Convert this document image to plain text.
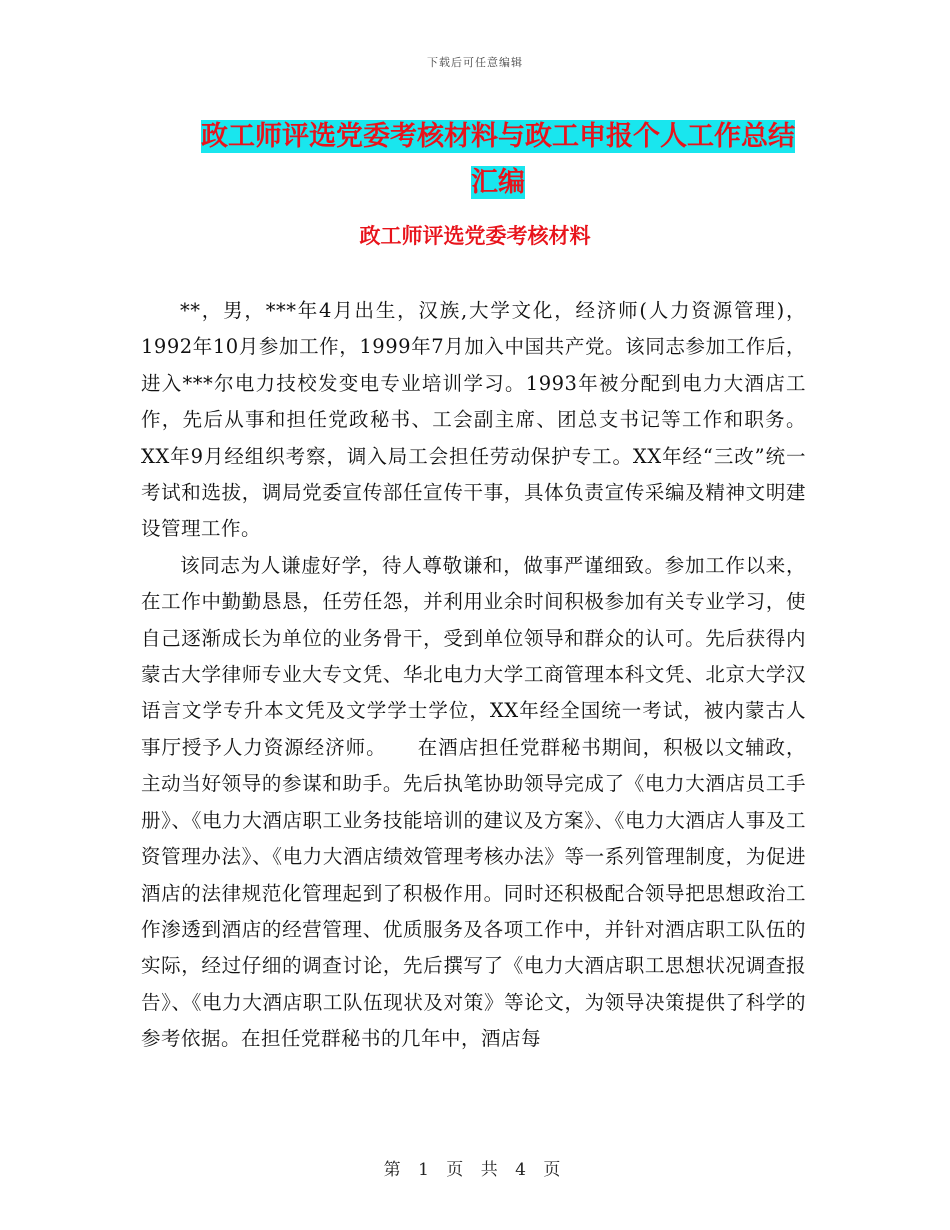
下载后可任意编辑
政工师评选党委考核材料与政工申报个人工作总结汇编
政工师评选党委考核材料

**，男，***年4月出生，汉族,大学文化，经济师(人力资源管理)，1992年10月参加工作，1999年7月加入中国共产党。该同志参加工作后，进入***尔电力技校发变电专业培训学习。1993年被分配到电力大酒店工作，先后从事和担任党政秘书、工会副主席、团总支书记等工作和职务。XX年9月经组织考察，调入局工会担任劳动保护专工。XX年经“三改”统一考试和选拔，调局党委宣传部任宣传干事，具体负责宣传采编及精神文明建设管理工作。

该同志为人谦虚好学，待人尊敬谦和，做事严谨细致。参加工作以来，在工作中勤勤恳恳，任劳任怨，并利用业余时间积极参加有关专业学习，使自己逐渐成长为单位的业务骨干，受到单位领导和群众的认可。先后获得内蒙古大学律师专业大专文凭、华北电力大学工商管理本科文凭、北京大学汉语言文学专升本文凭及文学学士学位，XX年经全国统一考试，被内蒙古人事厅授予人力资源经济师。　　在酒店担任党群秘书期间，积极以文辅政，主动当好领导的参谋和助手。先后执笔协助领导完成了《电力大酒店员工手册》、《电力大酒店职工业务技能培训的建议及方案》、《电力大酒店人事及工资管理办法》、《电力大酒店绩效管理考核办法》等一系列管理制度，为促进酒店的法律规范化管理起到了积极作用。同时还积极配合领导把思想政治工作渗透到酒店的经营管理、优质服务及各项工作中，并针对酒店职工队伍的实际，经过仔细的调查讨论，先后撰写了《电力大酒店职工思想状况调查报告》、《电力大酒店职工队伍现状及对策》等论文，为领导决策提供了科学的参考依据。在担任党群秘书的几年中，酒店每

第 1 页 共 4 页
